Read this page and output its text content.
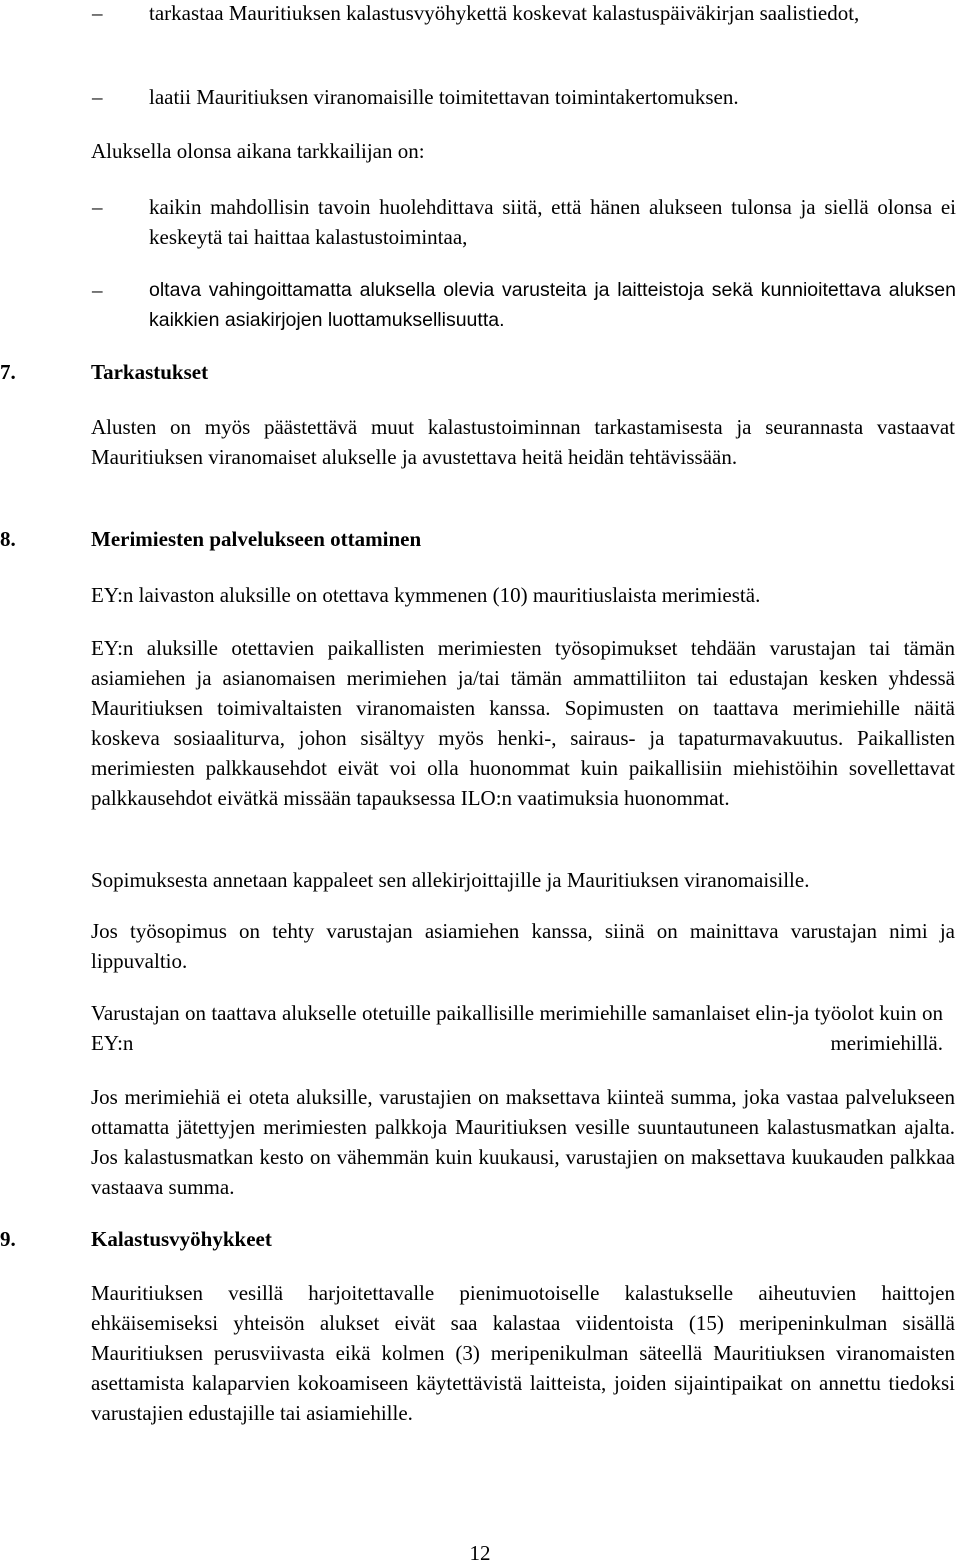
–	tarkastaa Mauritiuksen kalastusvyöhykettä koskevat kalastuspäiväkirjan saalistiedot,
–	laatii Mauritiuksen viranomaisille toimitettavan toimintakertomuksen.

Aluksella olonsa aikana tarkkailijan on:

–	kaikin mahdollisin tavoin huolehdittava siitä, että hänen alukseen tulonsa ja siellä olonsa ei keskeytä tai haittaa kalastustoimintaa,
–	oltava vahingoittamatta aluksella olevia varusteita ja laitteistoja sekä kunnioitettava aluksen kaikkien asiakirjojen luottamuksellisuutta.
7.	Tarkastukset

Alusten on myös päästettävä muut kalastustoiminnan tarkastamisesta ja seurannasta vastaavat Mauritiuksen viranomaiset alukselle ja avustettava heitä heidän tehtävissään.

8.	Merimiesten palvelukseen ottaminen

EY:n laivaston aluksille on otettava kymmenen (10) mauritiuslaista merimiestä.

EY:n aluksille otettavien paikallisten merimiesten työsopimukset tehdään varustajan tai tämän asiamiehen ja asianomaisen merimiehen ja/tai tämän ammattiliiton tai edustajan kesken yhdessä Mauritiuksen toimivaltaisten viranomaisten kanssa. Sopimusten on taattava merimiehille näitä koskeva sosiaaliturva, johon sisältyy myös henki-, sairaus- ja tapaturmavakuutus. Paikallisten merimiesten palkkausehdot eivät voi olla huonommat kuin paikallisiin miehistöihin sovellettavat palkkausehdot eivätkä missään tapauksessa ILO:n vaatimuksia huonommat.

Sopimuksesta annetaan kappaleet sen allekirjoittajille ja Mauritiuksen viranomaisille.

Jos työsopimus on tehty varustajan asiamiehen kanssa, siinä on mainittava varustajan nimi ja lippuvaltio.

Varustajan on taattava alukselle otetuille paikallisille merimiehille samanlaiset elin-ja työolot kuin on EY:n merimiehillä.

Jos merimiehiä ei oteta aluksille, varustajien on maksettava kiinteä summa, joka vastaa palvelukseen ottamatta jätettyjen merimiesten palkkoja Mauritiuksen vesille suuntautuneen kalastusmatkan ajalta. Jos kalastusmatkan kesto on vähemmän kuin kuukausi, varustajien on maksettava kuukauden palkkaa vastaava summa.

9.	Kalastusvyöhykkeet

Mauritiuksen vesillä harjoitettavalle pienimuotoiselle kalastukselle aiheutuvien haittojen ehkäisemiseksi yhteisön alukset eivät saa kalastaa viidentoista (15) meripeninkulman sisällä Mauritiuksen perusviivasta eikä kolmen (3) meripenikulman säteellä Mauritiuksen viranomaisten asettamista kalaparvien kokoamiseen käytettävistä laitteista, joiden sijaintipaikat on annettu tiedoksi varustajien edustajille tai asiamiehille.

12
